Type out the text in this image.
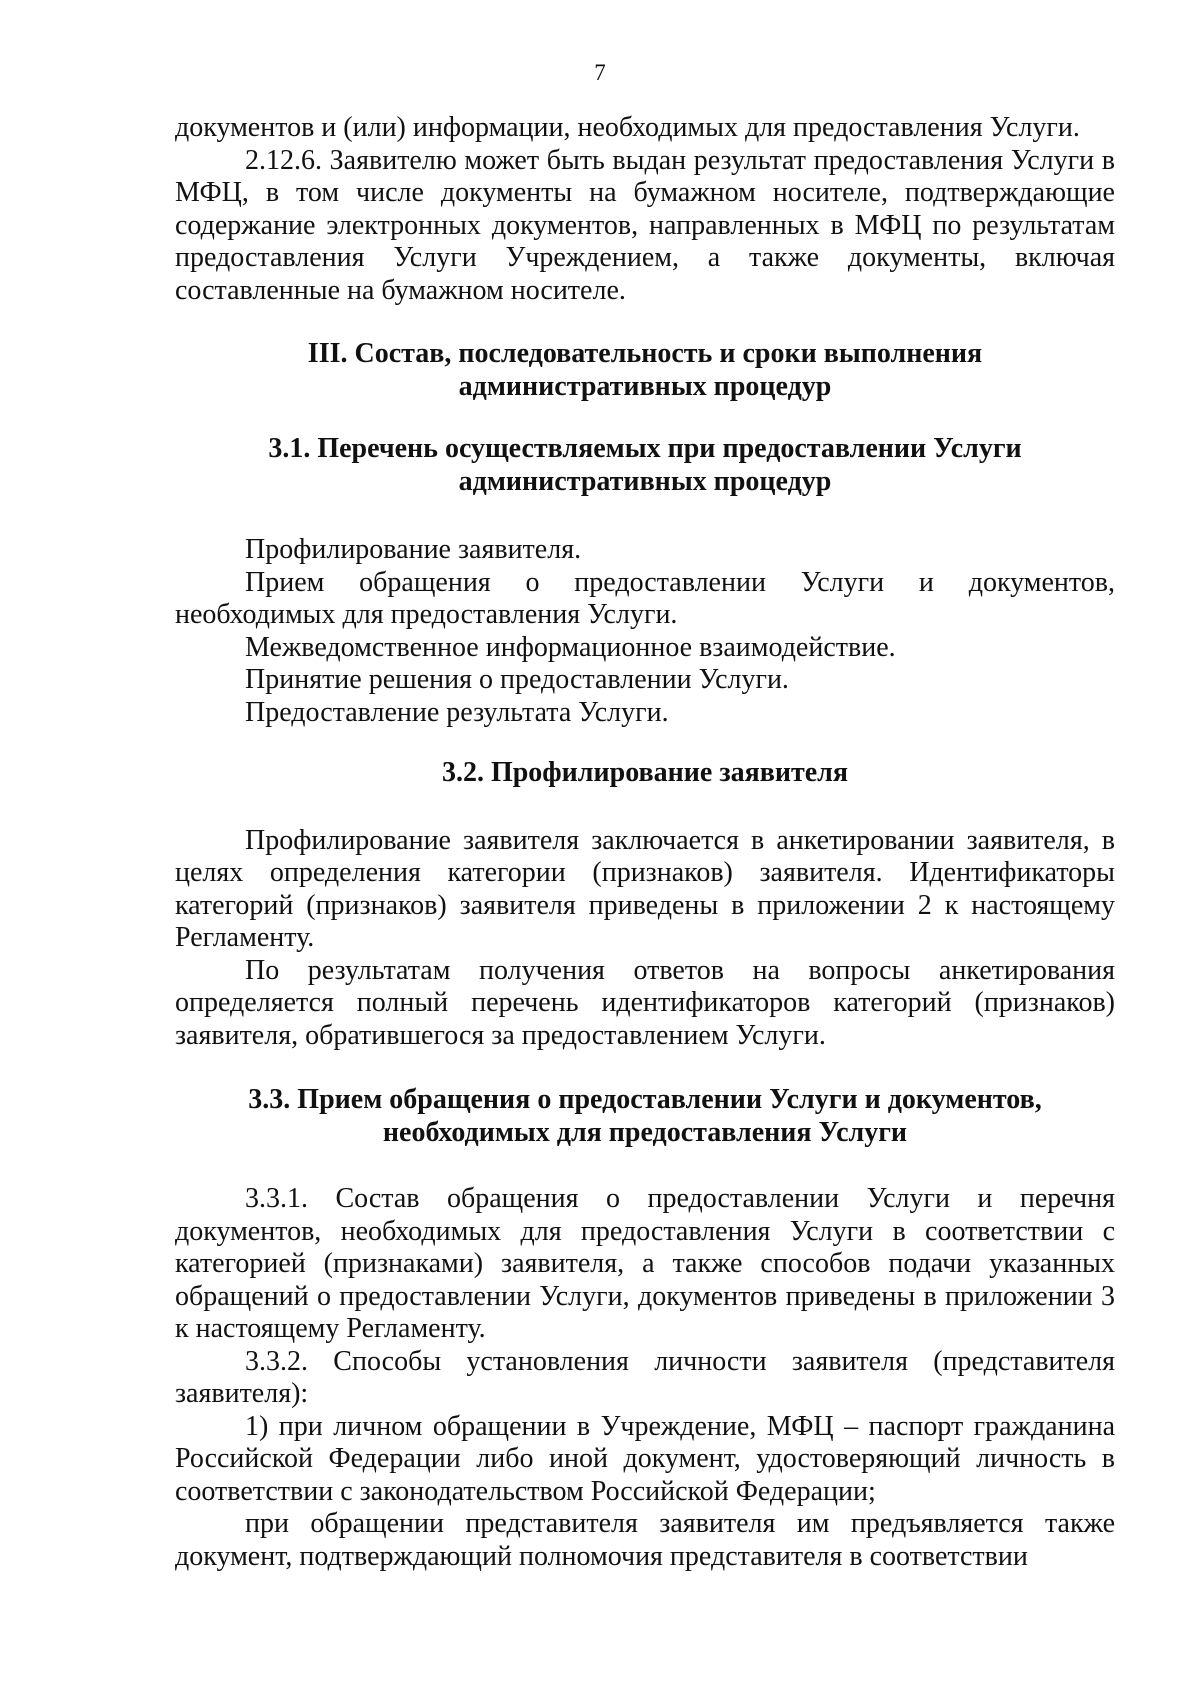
7

документов и (или) информации, необходимых для предоставления Услуги.

2.12.6. Заявителю может быть выдан результат предоставления Услуги в МФЦ, в том числе документы на бумажном носителе, подтверждающие содержание электронных документов, направленных в МФЦ по результатам предоставления Услуги Учреждением, а также документы, включая составленные на бумажном носителе.

III. Состав, последовательность и сроки выполнения
административных процедур
3.1. Перечень осуществляемых при предоставлении Услуги
административных процедур

Профилирование заявителя.

Прием обращения о предоставлении Услуги и документов, необходимых для предоставления Услуги.

Межведомственное информационное взаимодействие.

Принятие решения о предоставлении Услуги.

Предоставление результата Услуги.

3.2. Профилирование заявителя

Профилирование заявителя заключается в анкетировании заявителя, в целях определения категории (признаков) заявителя. Идентификаторы категорий (признаков) заявителя приведены в приложении 2 к настоящему Регламенту.

По результатам получения ответов на вопросы анкетирования определяется полный перечень идентификаторов категорий (признаков) заявителя, обратившегося за предоставлением Услуги.

3.3. Прием обращения о предоставлении Услуги и документов,
необходимых для предоставления Услуги

3.3.1. Состав обращения о предоставлении Услуги и перечня документов, необходимых для предоставления Услуги в соответствии с категорией (признаками) заявителя, а также способов подачи указанных обращений о предоставлении Услуги, документов приведены в приложении 3 к настоящему Регламенту.

3.3.2. Способы установления личности заявителя (представителя заявителя):

1) при личном обращении в Учреждение, МФЦ – паспорт гражданина Российской Федерации либо иной документ, удостоверяющий личность в соответствии с законодательством Российской Федерации;

при обращении представителя заявителя им предъявляется также документ, подтверждающий полномочия представителя в соответствии
